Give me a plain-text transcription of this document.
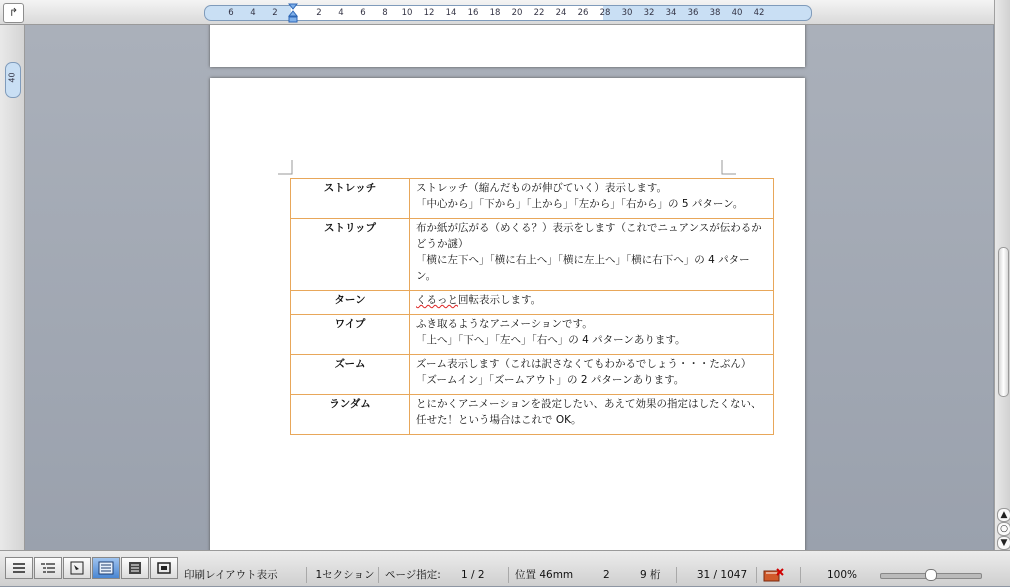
↱	6 4 2	2 4 6 8 10 12 14 16 18 20 22 24 26 28 30 32 34 36 38 40 42
40
ストレッチ	ストレッチ（縮んだものが伸びていく）表示します。
「中心から」「下から」「上から」「左から」「右から」の 5 パターン。

ストリップ	布か紙が広がる（めくる？）表示をします（これでニュアンスが伝わるかどうか謎）
「横に左下へ」「横に右上へ」「横に左上へ」「横に右下へ」の 4 パターン。

ターン	くるっと回転表示します。

ワイプ	ふき取るようなアニメーションです。
「上へ」「下へ」「左へ」「右へ」の 4 パターンあります。

ズーム	ズーム表示します（これは訳さなくてもわかるでしょう・・・たぶん）
「ズームイン」「ズームアウト」の 2 パターンあります。

ランダム	とにかくアニメーションを設定したい、あえて効果の指定はしたくない、任せた！という場合はこれで OK。
▲
○
▼
印刷レイアウト表示	1セクション	ページ指定:	1 / 2	位置 46mm	2	9 桁	31 / 1047	100%
